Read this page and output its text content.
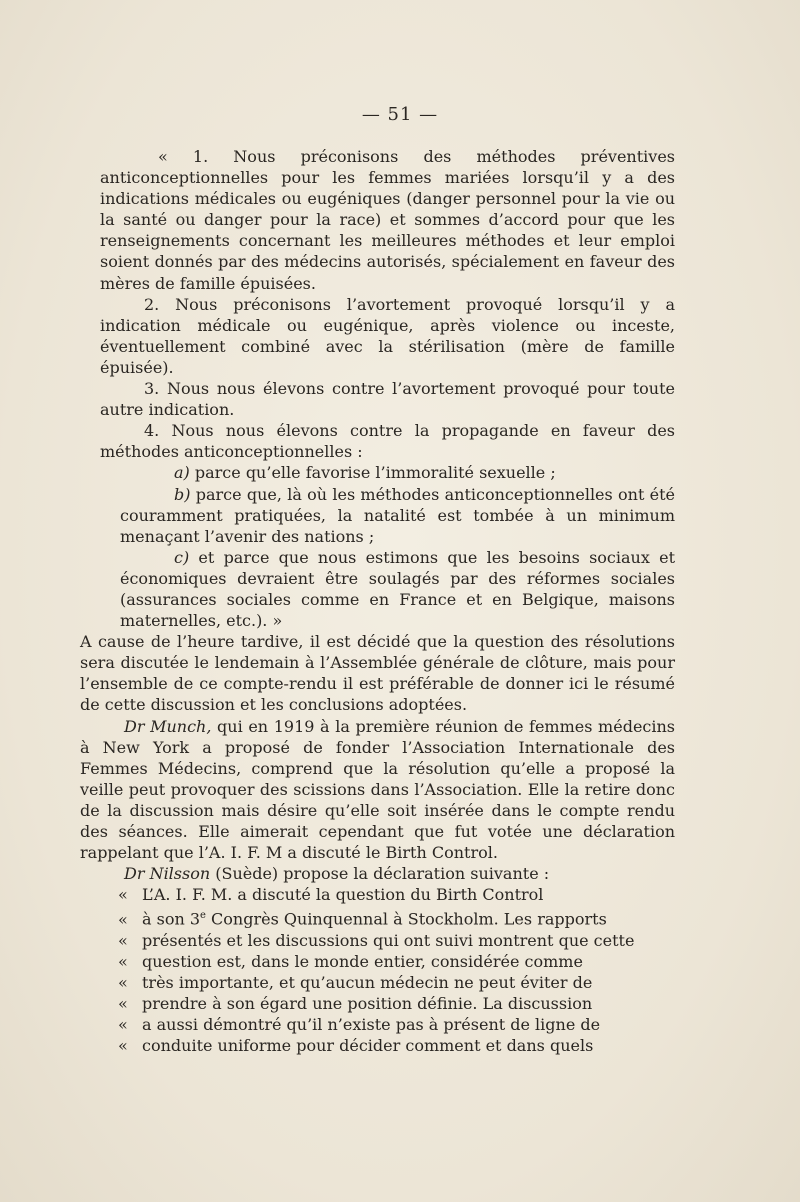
— 51 —

« 1. Nous préconisons des méthodes préventives anticonceptionnelles pour les femmes mariées lorsqu’il y a des indications médicales ou eugéniques (danger personnel pour la vie ou la santé ou danger pour la race) et sommes d’accord pour que les renseignements concernant les meilleures méthodes et leur emploi soient donnés par des médecins autorisés, spécialement en faveur des mères de famille épuisées.

2. Nous préconisons l’avortement provoqué lorsqu’il y a indication médicale ou eugénique, après violence ou inceste, éventuellement combiné avec la stérilisation (mère de famille épuisée).

3. Nous nous élevons contre l’avortement provoqué pour toute autre indication.

4. Nous nous élevons contre la propagande en faveur des méthodes anticonceptionnelles :

a) parce qu’elle favorise l’immoralité sexuelle ;

b) parce que, là où les méthodes anticonceptionnelles ont été couramment pratiquées, la natalité est tombée à un minimum menaçant l’avenir des nations ;

c) et parce que nous estimons que les besoins sociaux et économiques devraient être soulagés par des réformes sociales (assurances sociales comme en France et en Belgique, maisons maternelles, etc.). »

A cause de l’heure tardive, il est décidé que la question des résolutions sera discutée le lendemain à l’Assemblée générale de clôture, mais pour l’ensemble de ce compte-rendu il est préférable de donner ici le résumé de cette discussion et les conclusions adoptées.

Dr Munch, qui en 1919 à la première réunion de femmes médecins à New York a proposé de fonder l’Association Internationale des Femmes Médecins, comprend que la résolution qu’elle a proposé la veille peut provoquer des scissions dans l’Association. Elle la retire donc de la discussion mais désire qu’elle soit insérée dans le compte rendu des séances. Elle aimerait cependant que fut votée une déclaration rappelant que l’A. I. F. M a discuté le Birth Control.

Dr Nilsson (Suède) propose la déclaration suivante :

« L’A. I. F. M. a discuté la question du Birth Control

« à son 3e Congrès Quinquennal à Stockholm. Les rapports

« présentés et les discussions qui ont suivi montrent que cette

« question est, dans le monde entier, considérée comme

« très importante, et qu’aucun médecin ne peut éviter de

« prendre à son égard une position définie. La discussion

« a aussi démontré qu’il n’existe pas à présent de ligne de

« conduite uniforme pour décider comment et dans quels
